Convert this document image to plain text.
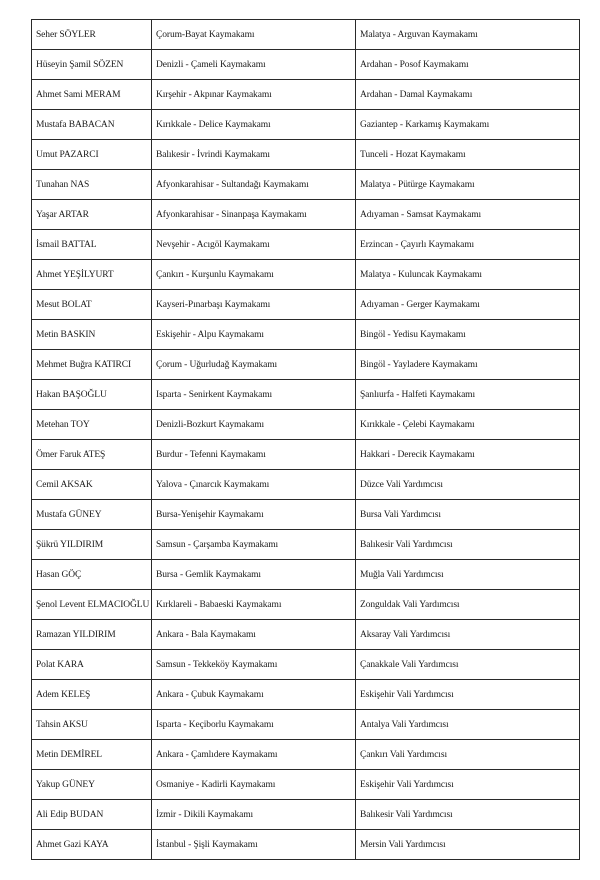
Seher SÖYLER	Çorum-Bayat Kaymakamı	Malatya - Arguvan Kaymakamı
Hüseyin Şamil SÖZEN	Denizli - Çameli Kaymakamı	Ardahan - Posof Kaymakamı
Ahmet Sami MERAM	Kırşehir - Akpınar Kaymakamı	Ardahan - Damal Kaymakamı
Mustafa BABACAN	Kırıkkale - Delice Kaymakamı	Gaziantep - Karkamış Kaymakamı
Umut PAZARCI	Balıkesir - İvrindi Kaymakamı	Tunceli - Hozat Kaymakamı
Tunahan NAS	Afyonkarahisar - Sultandağı Kaymakamı	Malatya - Pütürge Kaymakamı
Yaşar ARTAR	Afyonkarahisar - Sinanpaşa Kaymakamı	Adıyaman - Samsat Kaymakamı
İsmail BATTAL	Nevşehir - Acıgöl Kaymakamı	Erzincan - Çayırlı Kaymakamı
Ahmet YEŞİLYURT	Çankırı - Kurşunlu Kaymakamı	Malatya - Kuluncak Kaymakamı
Mesut BOLAT	Kayseri-Pınarbaşı Kaymakamı	Adıyaman - Gerger Kaymakamı
Metin BASKIN	Eskişehir - Alpu Kaymakamı	Bingöl - Yedisu Kaymakamı
Mehmet Buğra KATIRCI	Çorum - Uğurludağ Kaymakamı	Bingöl - Yayladere Kaymakamı
Hakan BAŞOĞLU	Isparta - Senirkent Kaymakamı	Şanlıurfa - Halfeti Kaymakamı
Metehan TOY	Denizli-Bozkurt Kaymakamı	Kırıkkale - Çelebi Kaymakamı
Ömer Faruk ATEŞ	Burdur - Tefenni Kaymakamı	Hakkari - Derecik Kaymakamı
Cemil AKSAK	Yalova - Çınarcık Kaymakamı	Düzce Vali Yardımcısı
Mustafa GÜNEY	Bursa-Yenişehir Kaymakamı	Bursa Vali Yardımcısı
Şükrü YILDIRIM	Samsun - Çarşamba Kaymakamı	Balıkesir Vali Yardımcısı
Hasan GÖÇ	Bursa - Gemlik Kaymakamı	Muğla Vali Yardımcısı
Şenol Levent ELMACIOĞLU	Kırklareli - Babaeski Kaymakamı	Zonguldak Vali Yardımcısı
Ramazan YILDIRIM	Ankara - Bala Kaymakamı	Aksaray Vali Yardımcısı
Polat KARA	Samsun - Tekkeköy Kaymakamı	Çanakkale Vali Yardımcısı
Adem KELEŞ	Ankara - Çubuk Kaymakamı	Eskişehir Vali Yardımcısı
Tahsin AKSU	Isparta - Keçiborlu Kaymakamı	Antalya Vali Yardımcısı
Metin DEMİREL	Ankara - Çamlıdere Kaymakamı	Çankırı Vali Yardımcısı
Yakup GÜNEY	Osmaniye - Kadirli Kaymakamı	Eskişehir Vali Yardımcısı
Ali Edip BUDAN	İzmir - Dikili Kaymakamı	Balıkesir Vali Yardımcısı
Ahmet Gazi KAYA	İstanbul - Şişli Kaymakamı	Mersin Vali Yardımcısı
